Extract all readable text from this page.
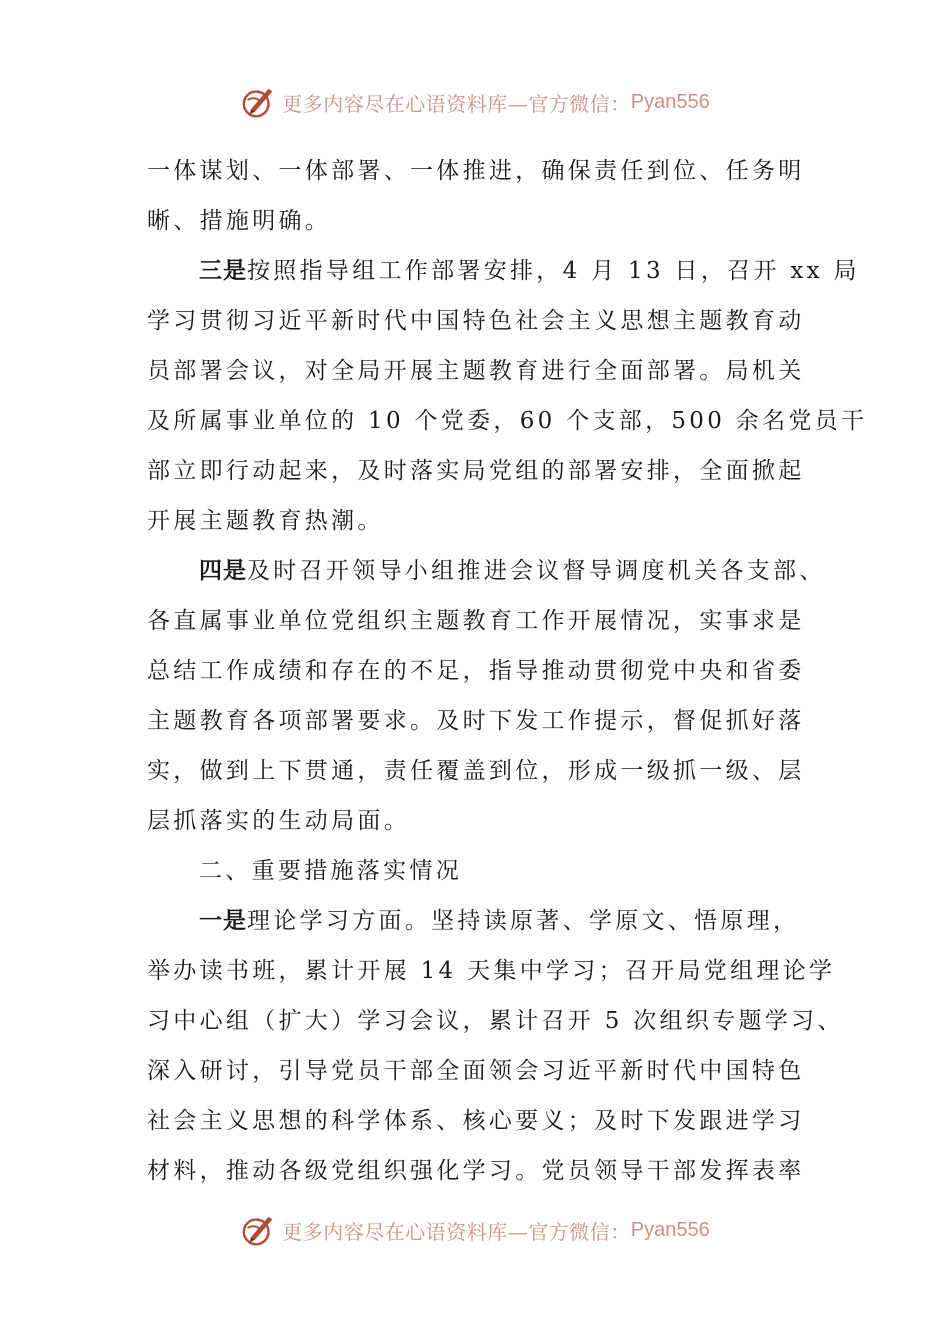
更多内容尽在心语资料库—官方微信： Pyan556
一体谋划、一体部署、一体推进，确保责任到位、任务明
晰、措施明确。
三是按照指导组工作部署安排，4 月 13 日，召开 xx 局
学习贯彻习近平新时代中国特色社会主义思想主题教育动
员部署会议，对全局开展主题教育进行全面部署。局机关
及所属事业单位的 10 个党委，60 个支部，500 余名党员干
部立即行动起来，及时落实局党组的部署安排，全面掀起
开展主题教育热潮。
四是及时召开领导小组推进会议督导调度机关各支部、
各直属事业单位党组织主题教育工作开展情况，实事求是
总结工作成绩和存在的不足，指导推动贯彻党中央和省委
主题教育各项部署要求。及时下发工作提示，督促抓好落
实，做到上下贯通，责任覆盖到位，形成一级抓一级、层
层抓落实的生动局面。
二、重要措施落实情况
一是理论学习方面。坚持读原著、学原文、悟原理，
举办读书班，累计开展 14 天集中学习；召开局党组理论学
习中心组（扩大）学习会议，累计召开 5 次组织专题学习、
深入研讨，引导党员干部全面领会习近平新时代中国特色
社会主义思想的科学体系、核心要义；及时下发跟进学习
材料，推动各级党组织强化学习。党员领导干部发挥表率
更多内容尽在心语资料库—官方微信： Pyan556
